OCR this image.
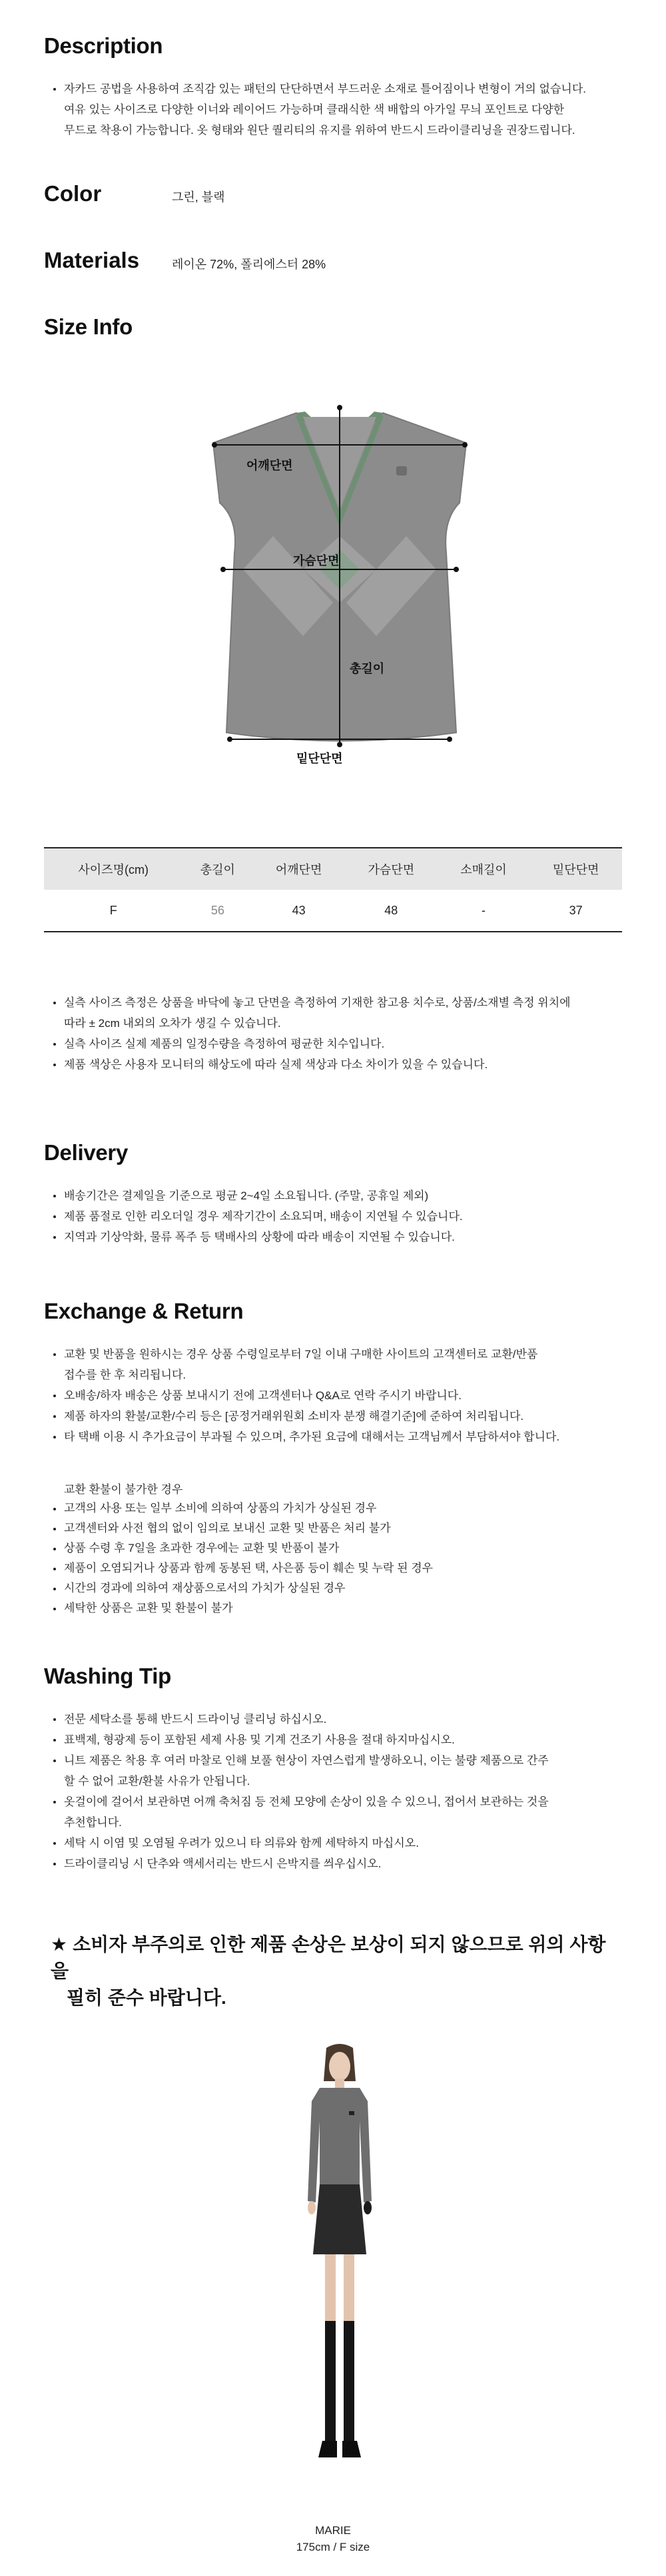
Description
자카드 공법을 사용하여 조직감 있는 패턴의 단단하면서 부드러운 소재로 틀어짐이나 변형이 거의 없습니다.
여유 있는 사이즈로 다양한 이너와 레이어드 가능하며 클래식한 색 배합의 아가일 무늬 포인트로 다양한
무드로 착용이 가능합니다. 옷 형태와 원단 퀄리티의 유지를 위하여 반드시 드라이클리닝을 권장드립니다.
Color	그린, 블랙
Materials	레이온 72%, 폴리에스터 28%
Size Info
어깨단면
가슴단면
총길이
밑단단면
사이즈명(cm)	총길이	어깨단면	가슴단면	소매길이	밑단단면
F	56	43	48	-	37
실측 사이즈 측정은 상품을 바닥에 놓고 단면을 측정하여 기재한 참고용 치수로, 상품/소재별 측정 위치에
따라 ± 2cm 내외의 오차가 생길 수 있습니다.
실측 사이즈 실제 제품의 일정수량을 측정하여 평균한 치수입니다.
제품 색상은 사용자 모니터의 해상도에 따라 실제 색상과 다소 차이가 있을 수 있습니다.
Delivery
배송기간은 결제일을 기준으로 평균 2~4일 소요됩니다. (주말, 공휴일 제외)
제품 품절로 인한 리오더일 경우 제작기간이 소요되며, 배송이 지연될 수 있습니다.
지역과 기상악화, 물류 폭주 등 택배사의 상황에 따라 배송이 지연될 수 있습니다.
Exchange & Return
교환 및 반품을 원하시는 경우 상품 수령일로부터 7일 이내 구매한 사이트의 고객센터로 교환/반품
접수를 한 후 처리됩니다.
오배송/하자 배송은 상품 보내시기 전에 고객센터나 Q&A로 연락 주시기 바랍니다.
제품 하자의 환불/교환/수리 등은 [공정거래위원회 소비자 분쟁 해결기준]에 준하여 처리됩니다.
타 택배 이용 시 추가요금이 부과될 수 있으며, 추가된 요금에 대해서는 고객님께서 부담하셔야 합니다.
교환 환불이 불가한 경우
고객의 사용 또는 일부 소비에 의하여 상품의 가치가 상실된 경우
고객센터와 사전 협의 없이 임의로 보내신 교환 및 반품은 처리 불가
상품 수령 후 7일을 초과한 경우에는 교환 및 반품이 불가
제품이 오염되거나 상품과 함께 동봉된 택, 사은품 등이 훼손 및 누락 된 경우
시간의 경과에 의하여 재상품으로서의 가치가 상실된 경우
세탁한 상품은 교환 및 환불이 불가
Washing Tip
전문 세탁소를 통해 반드시 드라이닝 클리닝 하십시오.
표백제, 형광제 등이 포함된 세제 사용 및 기계 건조기 사용을 절대 하지마십시오.
니트 제품은 착용 후 여러 마찰로 인해 보풀 현상이 자연스럽게 발생하오니, 이는 불량 제품으로 간주
할 수 없어 교환/환불 사유가 안됩니다.
옷걸이에 걸어서 보관하면 어깨 축처짐 등 전체 모양에 손상이 있을 수 있으니, 접어서 보관하는 것을
추천합니다.
세탁 시 이염 및 오염될 우려가 있으니 타 의류와 함께 세탁하지 마십시오.
드라이클리닝 시 단추와 액세서리는 반드시 은박지를 씌우십시오.
★ 소비자 부주의로 인한 제품 손상은 보상이 되지 않으므로 위의 사항을
필히 준수 바랍니다.
MARIE
175cm / F size
